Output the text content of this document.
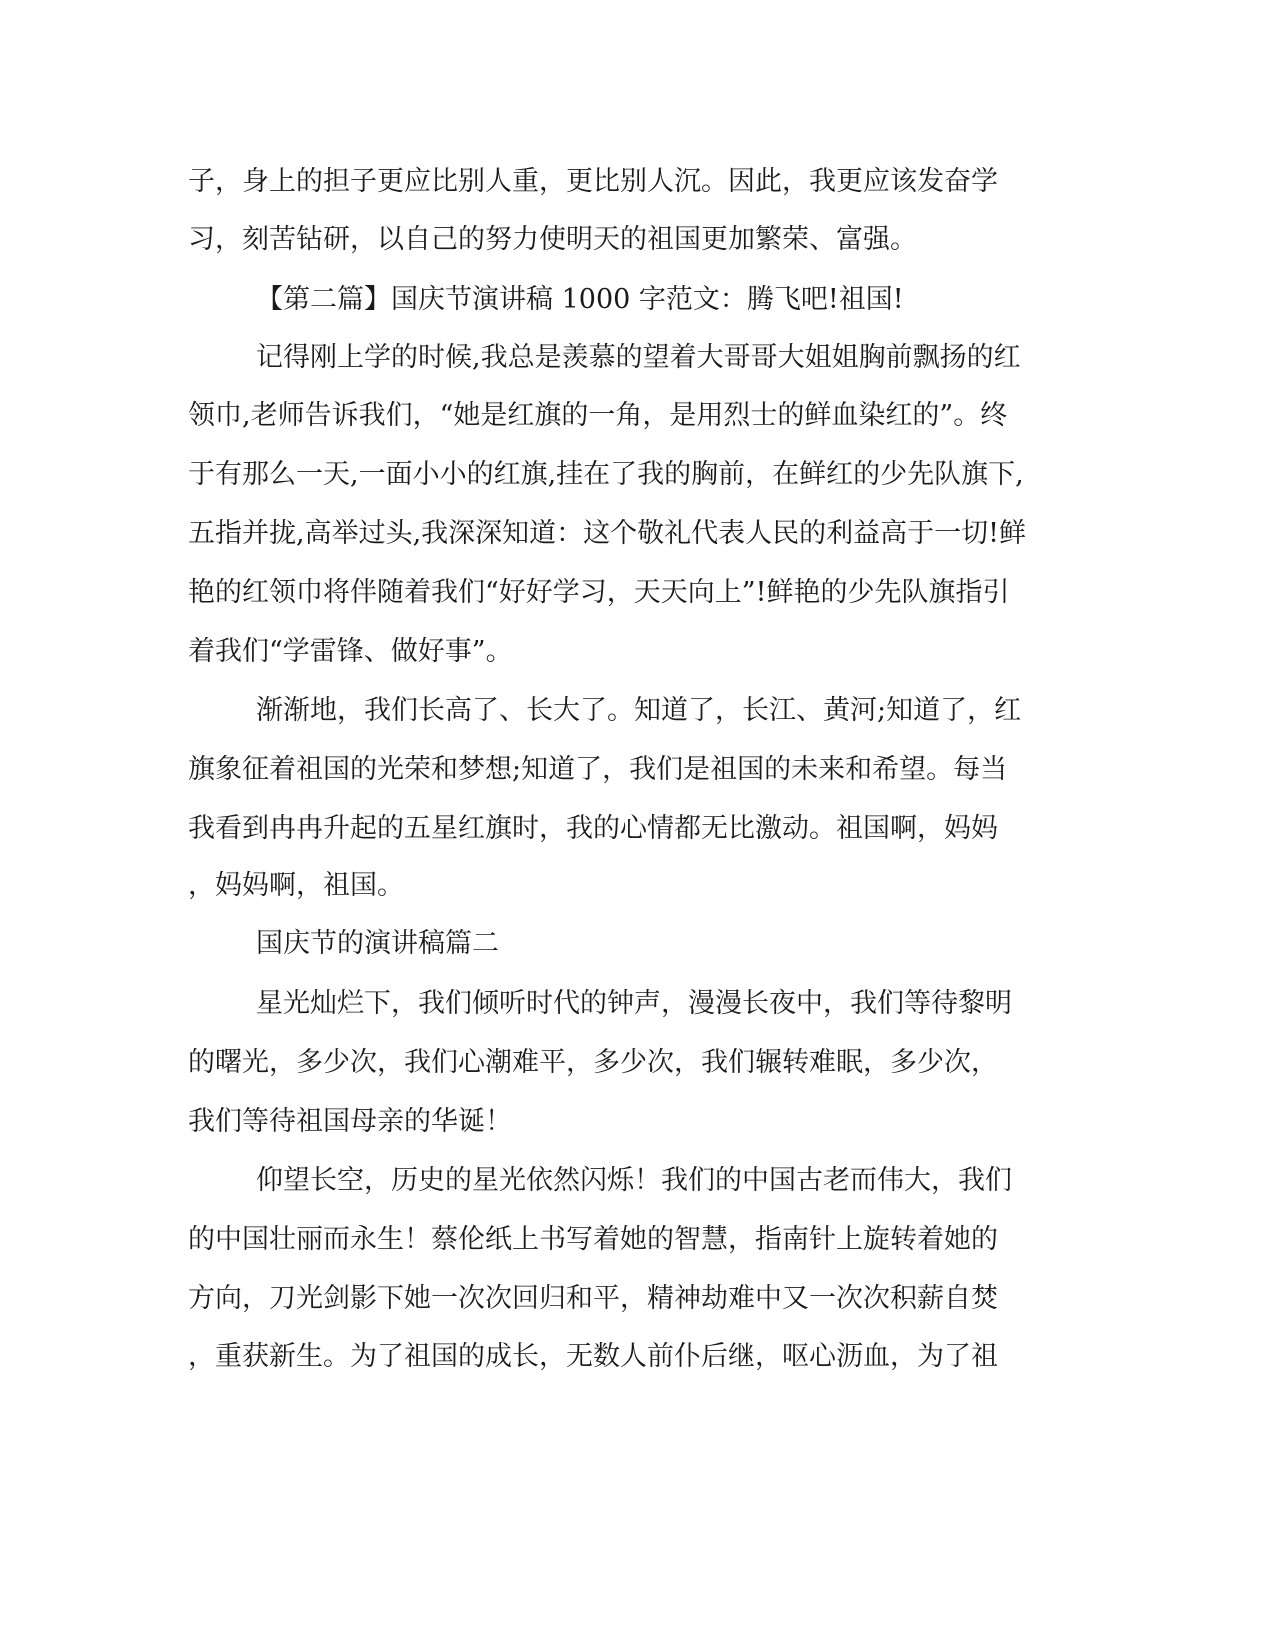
子，身上的担子更应比别人重，更比别人沉。因此，我更应该发奋学
习，刻苦钻研，以自己的努力使明天的祖国更加繁荣、富强。
【第二篇】国庆节演讲稿 1000 字范文：腾飞吧!祖国!
记得刚上学的时候,我总是羡慕的望着大哥哥大姐姐胸前飘扬的红
领巾,老师告诉我们，“她是红旗的一角，是用烈士的鲜血染红的”。终
于有那么一天,一面小小的红旗,挂在了我的胸前，在鲜红的少先队旗下,
五指并拢,高举过头,我深深知道：这个敬礼代表人民的利益高于一切!鲜
艳的红领巾将伴随着我们“好好学习，天天向上”!鲜艳的少先队旗指引
着我们“学雷锋、做好事”。
渐渐地，我们长高了、长大了。知道了，长江、黄河;知道了，红
旗象征着祖国的光荣和梦想;知道了，我们是祖国的未来和希望。每当
我看到冉冉升起的五星红旗时，我的心情都无比激动。祖国啊，妈妈
，妈妈啊，祖国。
国庆节的演讲稿篇二
星光灿烂下，我们倾听时代的钟声，漫漫长夜中，我们等待黎明
的曙光，多少次，我们心潮难平，多少次，我们辗转难眠，多少次，
我们等待祖国母亲的华诞！
仰望长空，历史的星光依然闪烁！我们的中国古老而伟大，我们
的中国壮丽而永生！蔡伦纸上书写着她的智慧，指南针上旋转着她的
方向，刀光剑影下她一次次回归和平，精神劫难中又一次次积薪自焚
，重获新生。为了祖国的成长，无数人前仆后继，呕心沥血，为了祖
